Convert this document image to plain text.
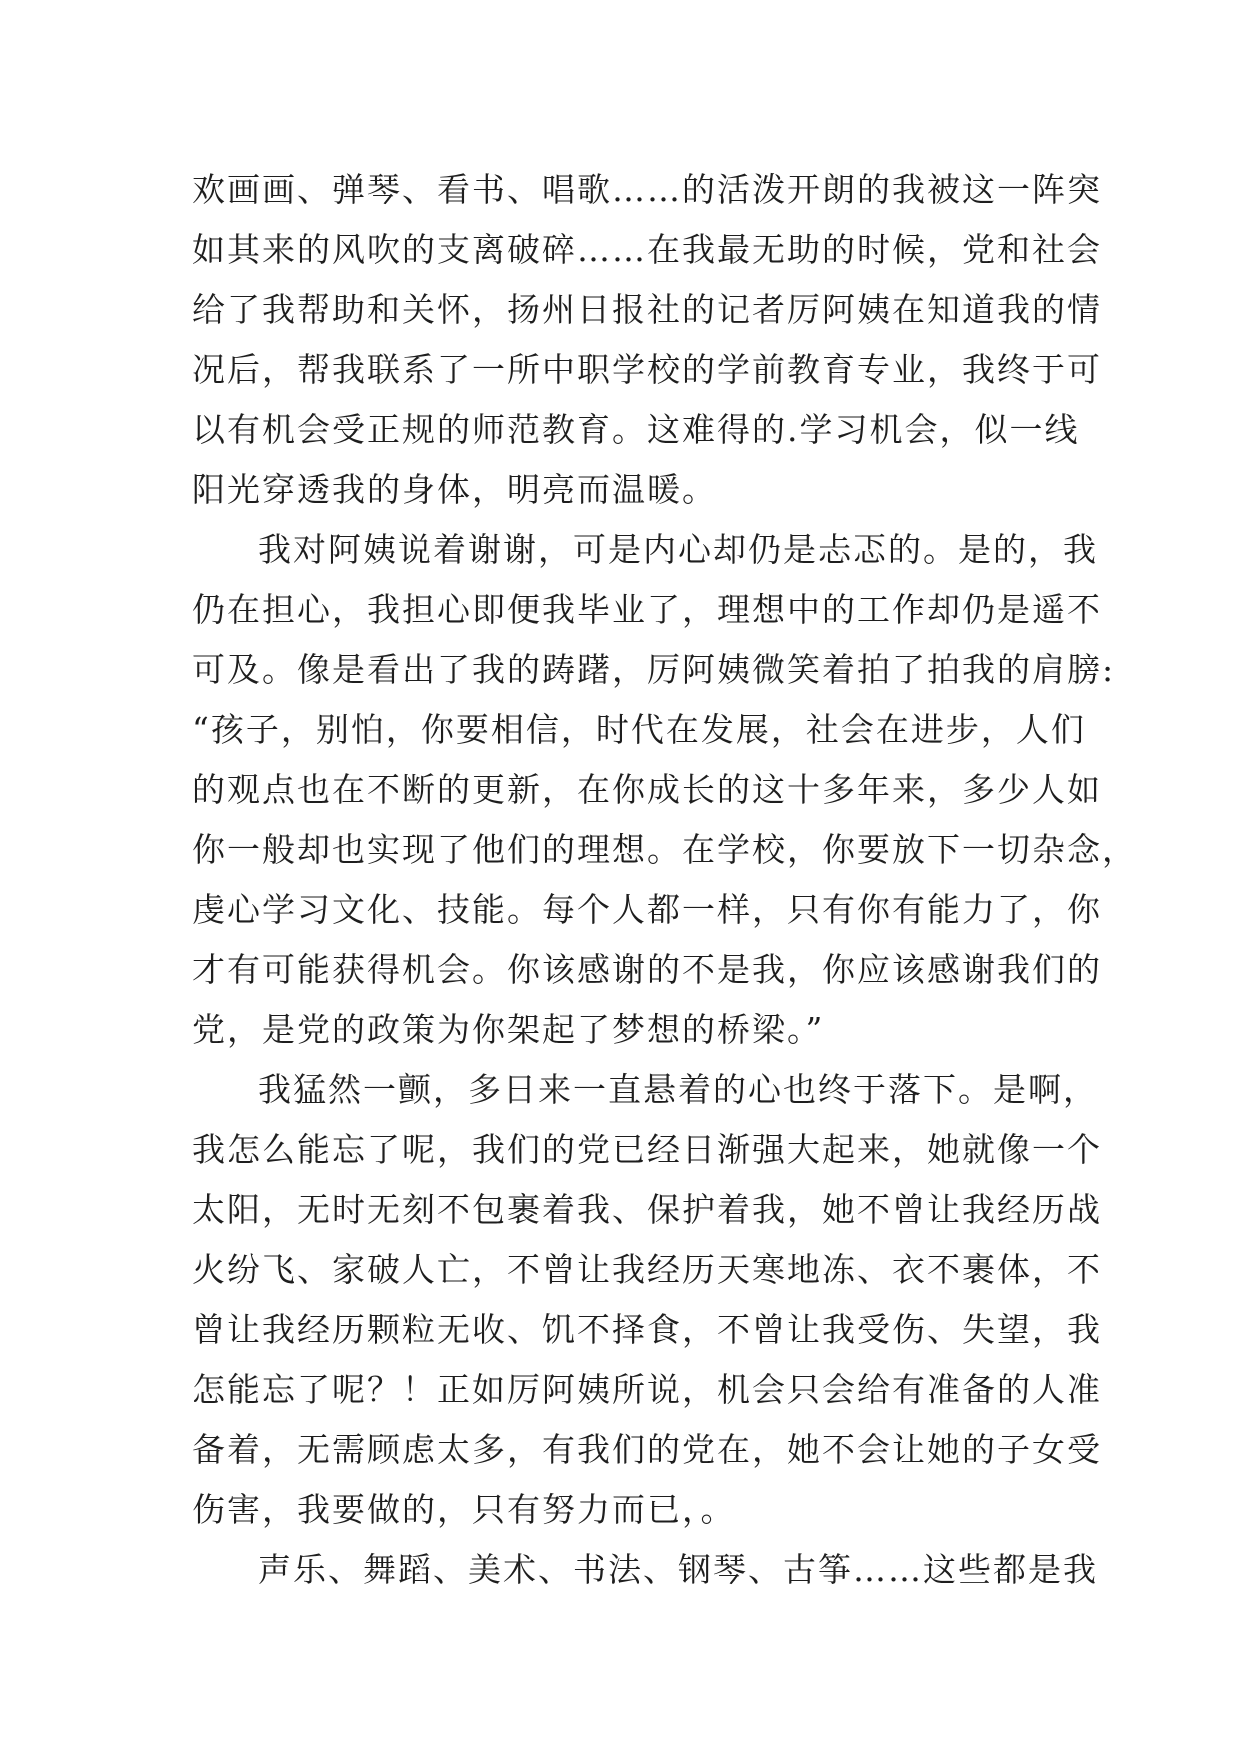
欢画画、弹琴、看书、唱歌……的活泼开朗的我被这一阵突
如其来的风吹的支离破碎……在我最无助的时候，党和社会
给了我帮助和关怀，扬州日报社的记者厉阿姨在知道我的情
况后，帮我联系了一所中职学校的学前教育专业，我终于可
以有机会受正规的师范教育。这难得的.学习机会，似一线
阳光穿透我的身体，明亮而温暖。
我对阿姨说着谢谢，可是内心却仍是忐忑的。是的，我
仍在担心，我担心即便我毕业了，理想中的工作却仍是遥不
可及。像是看出了我的踌躇，厉阿姨微笑着拍了拍我的肩膀:
“孩子，别怕，你要相信，时代在发展，社会在进步，人们
的观点也在不断的更新，在你成长的这十多年来，多少人如
你一般却也实现了他们的理想。在学校，你要放下一切杂念，
虔心学习文化、技能。每个人都一样，只有你有能力了，你
才有可能获得机会。你该感谢的不是我，你应该感谢我们的
党，是党的政策为你架起了梦想的桥梁。”
我猛然一颤，多日来一直悬着的心也终于落下。是啊，
我怎么能忘了呢，我们的党已经日渐强大起来，她就像一个
太阳，无时无刻不包裹着我、保护着我，她不曾让我经历战
火纷飞、家破人亡，不曾让我经历天寒地冻、衣不裹体，不
曾让我经历颗粒无收、饥不择食，不曾让我受伤、失望，我
怎能忘了呢？！正如厉阿姨所说，机会只会给有准备的人准
备着，无需顾虑太多，有我们的党在，她不会让她的子女受
伤害，我要做的，只有努力而已，。
声乐、舞蹈、美术、书法、钢琴、古筝……这些都是我
